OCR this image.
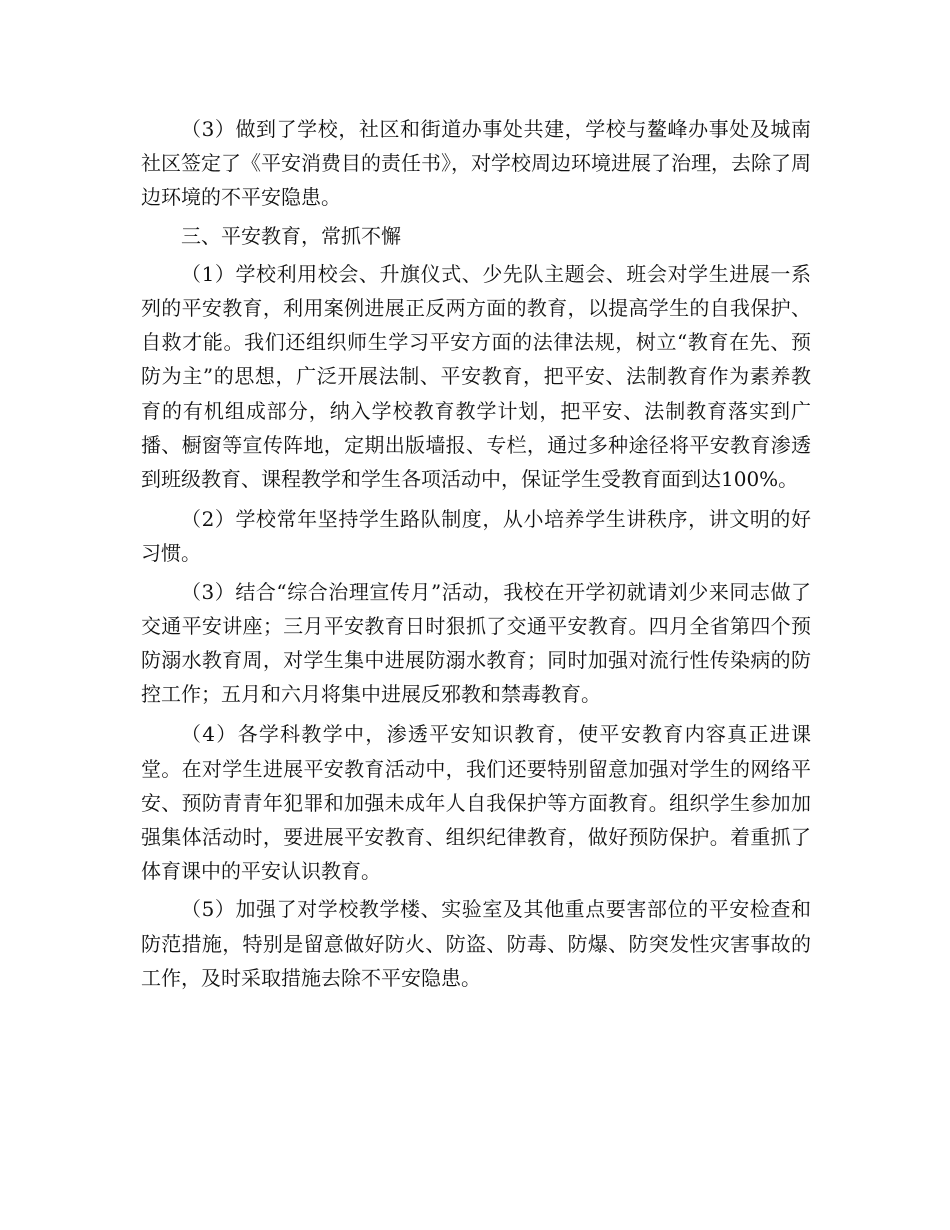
（3）做到了学校，社区和街道办事处共建，学校与鳌峰办事处及城南社区签定了《平安消费目的责任书》，对学校周边环境进展了治理，去除了周边环境的不平安隐患。

三、平安教育，常抓不懈

（1）学校利用校会、升旗仪式、少先队主题会、班会对学生进展一系列的平安教育，利用案例进展正反两方面的教育，以提高学生的自我保护、自救才能。我们还组织师生学习平安方面的法律法规，树立“教育在先、预防为主”的思想，广泛开展法制、平安教育，把平安、法制教育作为素养教育的有机组成部分，纳入学校教育教学计划，把平安、法制教育落实到广播、橱窗等宣传阵地，定期出版墙报、专栏，通过多种途径将平安教育渗透到班级教育、课程教学和学生各项活动中，保证学生受教育面到达100%。

（2）学校常年坚持学生路队制度，从小培养学生讲秩序，讲文明的好习惯。

（3）结合“综合治理宣传月”活动，我校在开学初就请刘少来同志做了交通平安讲座；三月平安教育日时狠抓了交通平安教育。四月全省第四个预防溺水教育周，对学生集中进展防溺水教育；同时加强对流行性传染病的防控工作；五月和六月将集中进展反邪教和禁毒教育。

（4）各学科教学中，渗透平安知识教育，使平安教育内容真正进课堂。在对学生进展平安教育活动中，我们还要特别留意加强对学生的网络平安、预防青青年犯罪和加强未成年人自我保护等方面教育。组织学生参加加强集体活动时，要进展平安教育、组织纪律教育，做好预防保护。着重抓了体育课中的平安认识教育。

（5）加强了对学校教学楼、实验室及其他重点要害部位的平安检查和防范措施，特别是留意做好防火、防盗、防毒、防爆、防突发性灾害事故的工作，及时采取措施去除不平安隐患。
